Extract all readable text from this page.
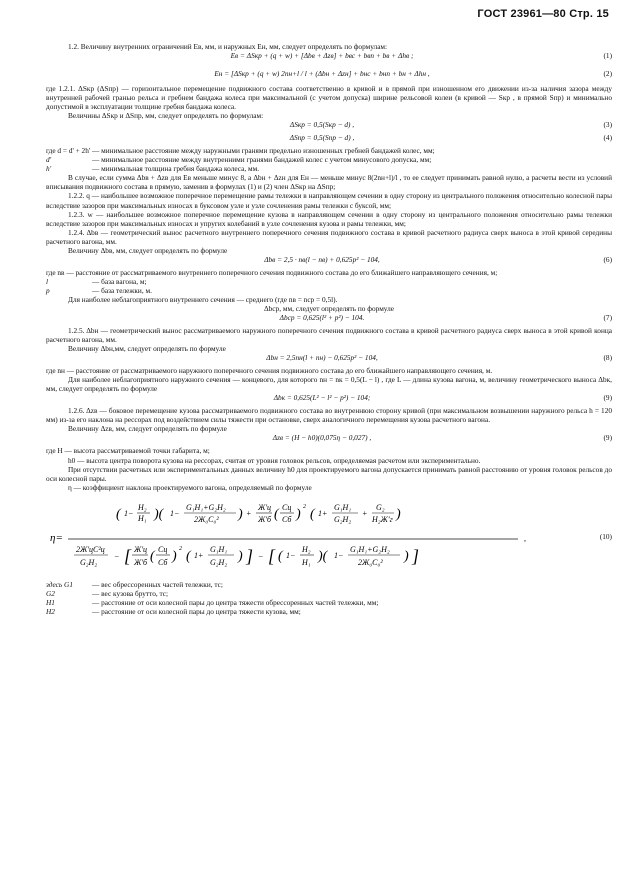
ГОСТ 23961—80 Стр. 15

1.2. Величину внутренних ограничений Eв, мм, и наружных Eн, мм, следует определять по формулам:

Eв = ΔSкр + (q + w) + [Δbв + Δzв] + bвс + bвп + bв + Δhв ;	(1)
Eн = [ΔSкр + (q + w) 2nн+l / l + (Δbн + Δzн] + bнс + bнп + bн + Δhн ,	(2)

где 1.2.1. ΔSкр (ΔSпр) — горизонтальное перемещение подвижного состава соответственно в кривой и в прямой при изношенном его движении из-за наличия зазора между внутренней рабочей гранью рельса и гребнем бандажа колеса при максимальной (с учетом допуска) ширине рельсовой колеи (в кривой — Sкр , в прямой Sпр) и минимально допустимой в эксплуатации толщине гребня бандажа колеса.

Величины ΔSкр и ΔSпр, мм, следует определять по формулам:

ΔSкр = 0,5(Sкр − d) ,	(3)
ΔSпр = 0,5(Sпр − d) ,	(4)

где d = d' + 2h' — минимальное расстояние между наружными гранями предельно изношенных гребней бандажей колес, мм;

d'	— минимальное расстояние между внутренними гранями бандажей колес с учетом минусового допуска, мм;
h'	— минимальная толщина гребня бандажа колеса, мм.

В случае, если сумма Δbв + Δzв для Eв меньше минус 8, а Δbн + Δzн для Eн — меньше минус 8(2nн+l)/l , то ее следует принимать равной нулю, а расчеты вести из условий вписывания подвижного состава в прямую, заменив в формулах (1) и (2) член ΔSкр на ΔSпр;

1.2.2. q — наибольшее возможное поперечное перемещение рамы тележки в направляющем сечении в одну сторону из центрального положения относительно колесной пары вследствие зазоров при максимальных износах в буксовом узле и узле сочленения рамы тележки с буксой, мм;

1.2.3. w — наибольшее возможное поперечное перемещение кузова в направляющем сечении в одну сторону из центрального положения относительно рамы тележки вследствие зазоров при максимальных износах и упругих колебаний в узле сочленения кузова и рамы тележки, мм;

1.2.4. Δbв — геометрический вынос расчетного внутреннего поперечного сечения подвижного состава в кривой расчетного радиуса сверх выноса в этой кривой середины расчетного вагона, мм.

Величину Δbв, мм, следует определять по формуле

Δbв = 2,5 · nв(l − nв) + 0,625p² − 104,	(6)

где nв — расстояние от рассматриваемого внутреннего поперечного сечения подвижного состава до его ближайшего направляющего сечения, м;

l	— база вагона, м;
p	— база тележки, м.

Для наиболее неблагоприятного внутреннего сечения — среднего (где nв = nср = 0,5l).

Δbср, мм, следует определять по формуле

Δbср = 0,625(l² + p²) − 104.	(7)

1.2.5. Δbн — геометрический вынос рассматриваемого наружного поперечного сечения подвижного состава в кривой расчетного радиуса сверх выноса в этой кривой конца расчетного вагона, мм.

Величину Δbн,мм, следует определять по формуле

Δbн = 2,5nн(l + nн) − 0,625p² − 104,	(8)

где nн — расстояние от рассматриваемого наружного поперечного сечения подвижного состава до его ближайшего направляющего сечения, м.

Для наиболее неблагоприятного наружного сечения — концевого, для которого nн = nк = 0,5(L − l) , где L — длина кузова вагона, м, величину геометрического выноса Δbк, мм, следует определять по формуле

Δbк = 0,625(L² − l² − p²) − 104;	(9)

1.2.6. Δzв — боковое перемещение кузова рассматриваемого подвижного состава во внутреннюю сторону кривой (при максимальном возвышении наружного рельса h = 120 мм) из-за его наклона на рессорах под воздействием силы тяжести при остановке, сверх аналогичного перемещения кузова расчетного вагона.

Величину Δzв, мм, следует определять по формуле

Δzв = (H − h0)(0,075η − 0,027) ,	(9)

где H — высота рассматриваемой точки габарита, м;

h0 — высота центра поворота кузова на рессорах, считая от уровня головок рельсов, определяемая расчетом или экспериментально.

При отсутствии расчетных или экспериментальных данных величину h0 для проектируемого вагона допускается принимать равной расстоянию от уровня головок рельсов до оси колесной пары.

η — коэффициент наклона проектируемого вагона, определяемый по формуле

η=
( 1−
H₂
H₁ )( 1−
G₁H₁+G₂H₂
2Ж₀С₀² ) +
Ж'ц
Ж'б ( Сц
Сб ) 2 ( 1+
G₁H₁
G₂H₂
+
G₂
H₂Ж'г )
2Ж'цС²ц
G₂H₂
− [ Ж'ц
Ж'б ( Сц
Сб ) 2 ( 1+
G₁H₁
G₂H₂ ) ] − [ ( 1−
H₂
H₁ )( 1−
G₁H₁+G₂H₂
2Ж₀С₀² ) ]
,	(10)
здесь G1	— вес обрессоренных частей тележки, тс;
G2	— вес кузова брутто, тс;
H1	— расстояние от оси колесной пары до центра тяжести обрессоренных частей тележки, мм;
H2	— расстояние от оси колесной пары до центра тяжести кузова, мм;
